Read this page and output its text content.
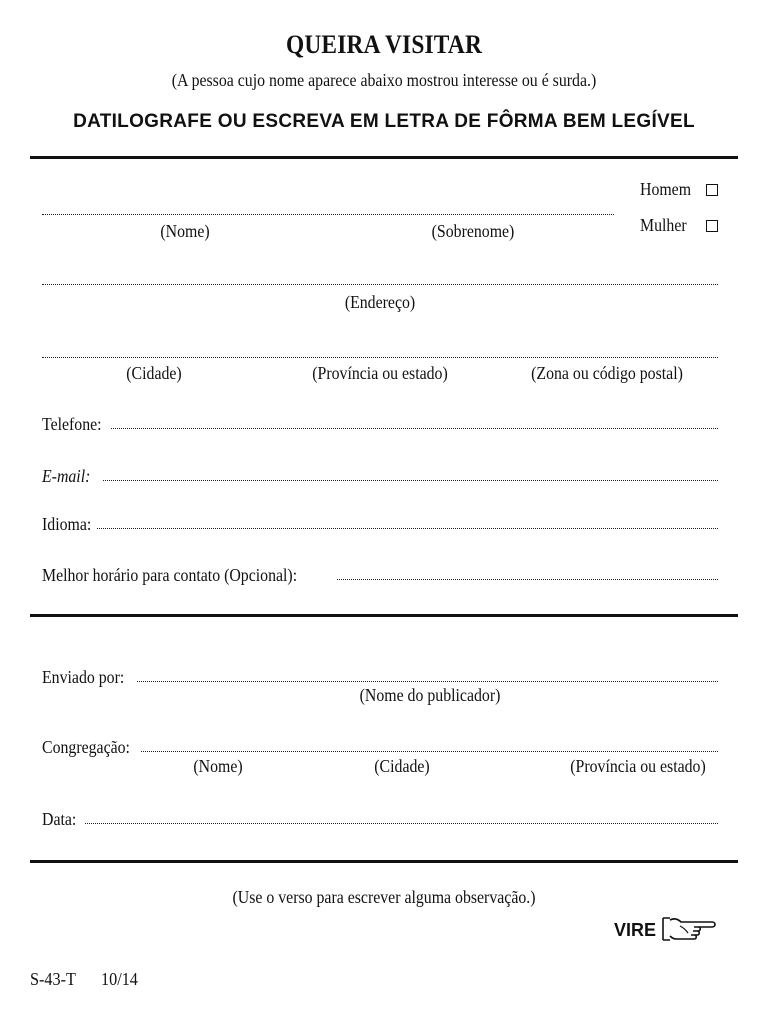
QUEIRA VISITAR
(A pessoa cujo nome aparece abaixo mostrou interesse ou é surda.)
DATILOGRAFE OU ESCREVA EM LETRA DE FÔRMA BEM LEGÍVEL
Homem
Mulher
(Nome)	(Sobrenome)
(Endereço)
(Cidade)	(Província ou estado)	(Zona ou código postal)
Telefone:
E-mail:
Idioma:
Melhor horário para contato (Opcional):
Enviado por:
(Nome do publicador)
Congregação:
(Nome)	(Cidade)	(Província ou estado)
Data:
(Use o verso para escrever alguma observação.)
VIRE
S-43-T 10/14
